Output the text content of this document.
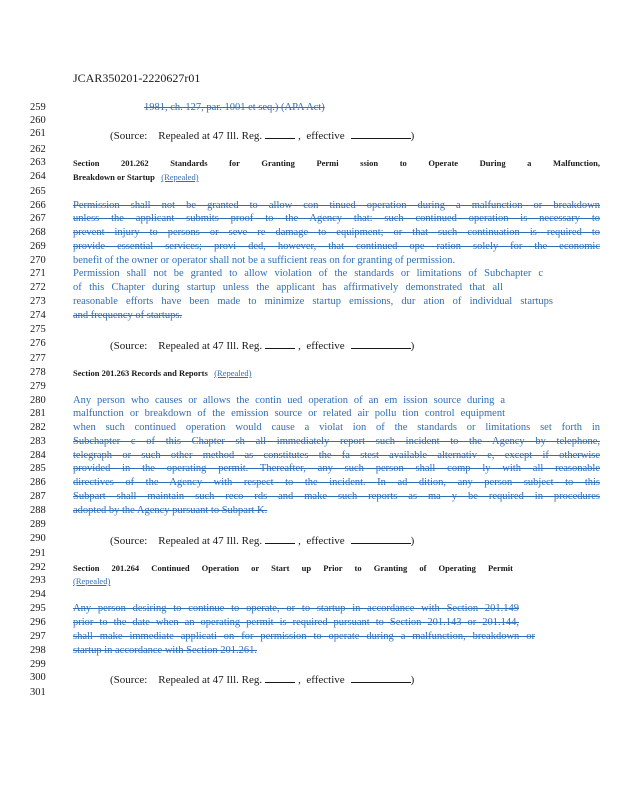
JCAR350201-2220627r01
259	1981, ch. 127, par. 1001 et seq.) (APA Act)
260
261	(Source: Repealed at 47 Ill. Reg.	,  effective	)
262
263	Section 201.262 Standards for Granting Permi ssion to Operate During a Malfunction,
264	Breakdown or Startup (Repealed)
265
266	Permission shall not be granted to allow con tinued operation during a malfunction or breakdown
267	unless the applicant submits proof to the Agency that: such continued operation is necessary to
268	prevent injury to persons or seve re damage to equipment; or that such continuation is required to
269	provide essential services; provi ded, however, that continued ope ration solely for the economic
270	benefit of the owner or operator shall not be a sufficient reas on for granting of permission.
271	Permission shall not be granted to allow violation of the standards or limitations of Subchapter c
272	of this Chapter during startup unless the applicant has affirmatively demonstrated that all
273	reasonable efforts have been made to minimize startup emissions, dur ation of individual startups
274	and frequency of startups.
275
276	(Source: Repealed at 47 Ill. Reg.	,  effective	)
277
278	Section 201.263 Records and Reports (Repealed)
279
280	Any person who causes or allows the contin ued operation of an em ission source during a
281	malfunction or breakdown of the emission source or related air pollu tion control equipment
282	when such continued operation would cause a violat ion of the standards or limitations set forth in
283	Subchapter c of this Chapter sh all immediately report such incident to the Agency by telephone,
284	telegraph or such other method as constitutes the fa stest available alternativ e, except if otherwise
285	provided in the operating permit. Thereafter, any such person shall comp ly with all reasonable
286	directives of the Agency with respect to the incident. In ad dition, any person subject to this
287	Subpart shall maintain such reco rds and make such reports as ma y be required in procedures
288	adopted by the Agency pursuant to Subpart K.
289
290	(Source: Repealed at 47 Ill. Reg.	,  effective	)
291
292	Section 201.264 Continued Operation or Start up Prior to Granting of Operating Permit
293	(Repealed)
294
295	Any person desiring to continue to operate, or to startup in accordance with Section 201.149
296	prior to the date when an operating permit is required pursuant to Section 201.143 or 201.144,
297	shall make immediate applicati on for permission to operate during a malfunction, breakdown or
298	startup in accordance with Section 201.261.
299
300	(Source: Repealed at 47 Ill. Reg.	,  effective	)
301
